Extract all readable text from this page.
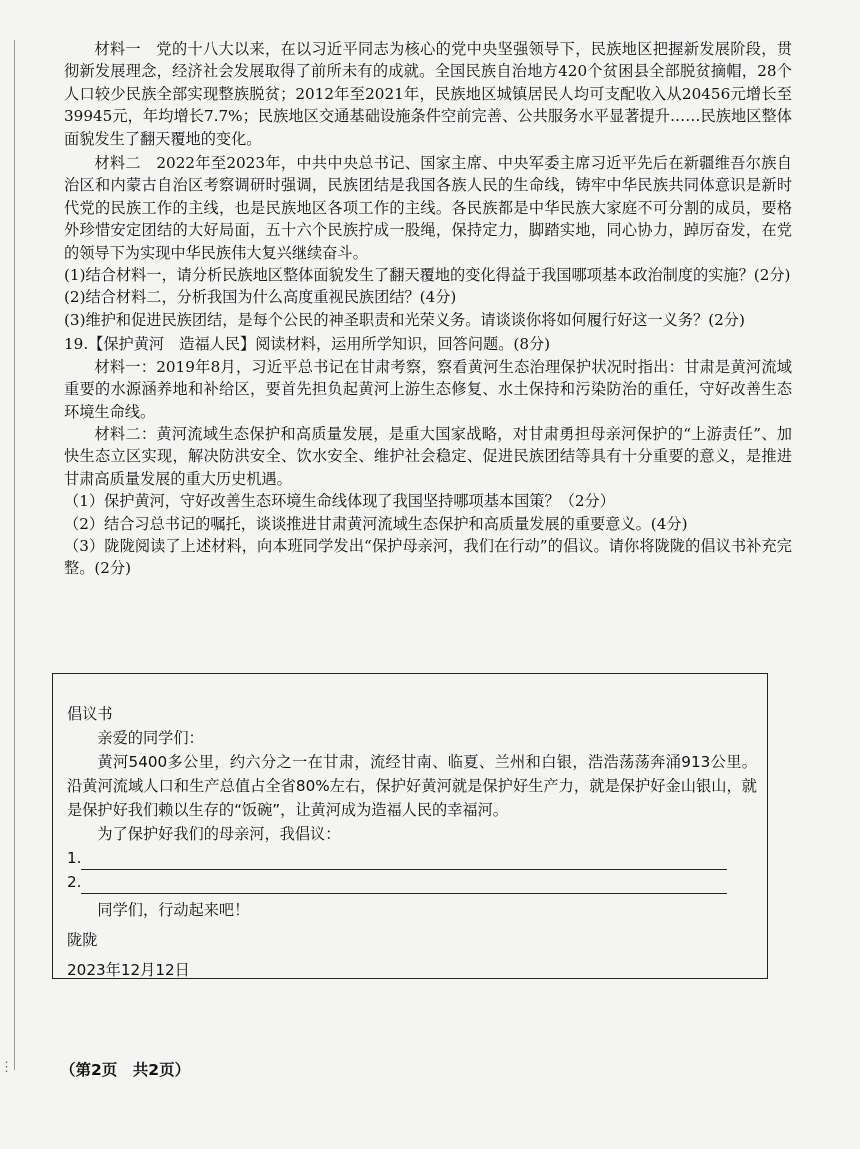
⋮

材料一　党的十八大以来，在以习近平同志为核心的党中央坚强领导下，民族地区把握新发展阶段，贯彻新发展理念，经济社会发展取得了前所未有的成就。全国民族自治地方420个贫困县全部脱贫摘帽，28个人口较少民族全部实现整族脱贫；2012年至2021年，民族地区城镇居民人均可支配收入从20456元增长至39945元，年均增长7.7%；民族地区交通基础设施条件空前完善、公共服务水平显著提升……民族地区整体面貌发生了翻天覆地的变化。

材料二　2022年至2023年，中共中央总书记、国家主席、中央军委主席习近平先后在新疆维吾尔族自治区和内蒙古自治区考察调研时强调，民族团结是我国各族人民的生命线，铸牢中华民族共同体意识是新时代党的民族工作的主线，也是民族地区各项工作的主线。各民族都是中华民族大家庭不可分割的成员，要格外珍惜安定团结的大好局面，五十六个民族拧成一股绳，保持定力，脚踏实地，同心协力，踔厉奋发，在党的领导下为实现中华民族伟大复兴继续奋斗。

(1)结合材料一，请分析民族地区整体面貌发生了翻天覆地的变化得益于我国哪项基本政治制度的实施？(2分)

(2)结合材料二，分析我国为什么高度重视民族团结？(4分)

(3)维护和促进民族团结，是每个公民的神圣职责和光荣义务。请谈谈你将如何履行好这一义务？(2分)

19.【保护黄河　造福人民】阅读材料，运用所学知识，回答问题。(8分)

材料一：2019年8月，习近平总书记在甘肃考察，察看黄河生态治理保护状况时指出：甘肃是黄河流域重要的水源涵养地和补给区，要首先担负起黄河上游生态修复、水土保持和污染防治的重任，守好改善生态环境生命线。

材料二：黄河流域生态保护和高质量发展，是重大国家战略，对甘肃勇担母亲河保护的“上游责任”、加快生态立区实现，解决防洪安全、饮水安全、维护社会稳定、促进民族团结等具有十分重要的意义，是推进甘肃高质量发展的重大历史机遇。

（1）保护黄河，守好改善生态环境生命线体现了我国坚持哪项基本国策？（2分）

（2）结合习总书记的嘱托，谈谈推进甘肃黄河流域生态保护和高质量发展的重要意义。(4分)

（3）陇陇阅读了上述材料，向本班同学发出“保护母亲河，我们在行动”的倡议。请你将陇陇的倡议书补充完整。(2分)

倡议书

亲爱的同学们：

黄河5400多公里，约六分之一在甘肃，流经甘南、临夏、兰州和白银，浩浩荡荡奔涌913公里。沿黄河流域人口和生产总值占全省80%左右，保护好黄河就是保护好生产力，就是保护好金山银山，就是保护好我们赖以生存的“饭碗”，让黄河成为造福人民的幸福河。

为了保护好我们的母亲河，我倡议：

1.
2.

同学们，行动起来吧！

陇陇

2023年12月12日

（第2页　共2页）
